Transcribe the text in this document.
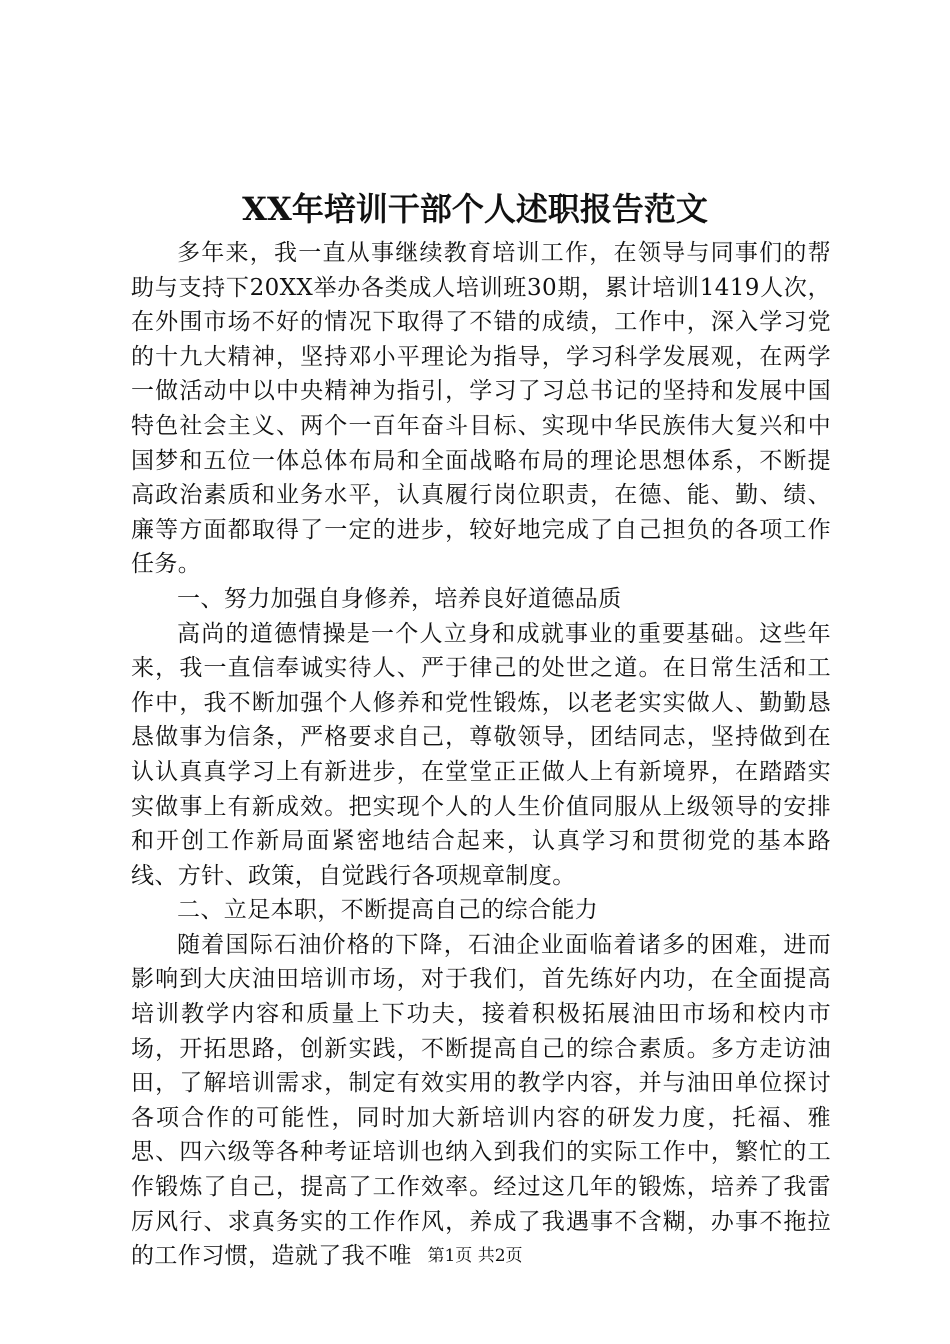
XX年培训干部个人述职报告范文

多年来，我一直从事继续教育培训工作，在领导与同事们的帮助与支持下20XX举办各类成人培训班30期，累计培训1419人次，在外围市场不好的情况下取得了不错的成绩，工作中，深入学习党的十九大精神，坚持邓小平理论为指导，学习科学发展观，在两学一做活动中以中央精神为指引，学习了习总书记的坚持和发展中国特色社会主义、两个一百年奋斗目标、实现中华民族伟大复兴和中国梦和五位一体总体布局和全面战略布局的理论思想体系，不断提高政治素质和业务水平，认真履行岗位职责，在德、能、勤、绩、廉等方面都取得了一定的进步，较好地完成了自己担负的各项工作任务。

一、努力加强自身修养，培养良好道德品质

高尚的道德情操是一个人立身和成就事业的重要基础。这些年来，我一直信奉诚实待人、严于律己的处世之道。在日常生活和工作中，我不断加强个人修养和党性锻炼，以老老实实做人、勤勤恳恳做事为信条，严格要求自己，尊敬领导，团结同志，坚持做到在认认真真学习上有新进步，在堂堂正正做人上有新境界，在踏踏实实做事上有新成效。把实现个人的人生价值同服从上级领导的安排和开创工作新局面紧密地结合起来，认真学习和贯彻党的基本路线、方针、政策，自觉践行各项规章制度。

二、立足本职，不断提高自己的综合能力

随着国际石油价格的下降，石油企业面临着诸多的困难，进而影响到大庆油田培训市场，对于我们，首先练好内功，在全面提高培训教学内容和质量上下功夫，接着积极拓展油田市场和校内市场，开拓思路，创新实践，不断提高自己的综合素质。多方走访油田，了解培训需求，制定有效实用的教学内容，并与油田单位探讨各项合作的可能性，同时加大新培训内容的研发力度，托福、雅思、四六级等各种考证培训也纳入到我们的实际工作中，繁忙的工作锻炼了自己，提高了工作效率。经过这几年的锻炼，培养了我雷厉风行、求真务实的工作作风，养成了我遇事不含糊，办事不拖拉的工作习惯，造就了我不唯 第1页 共2页
